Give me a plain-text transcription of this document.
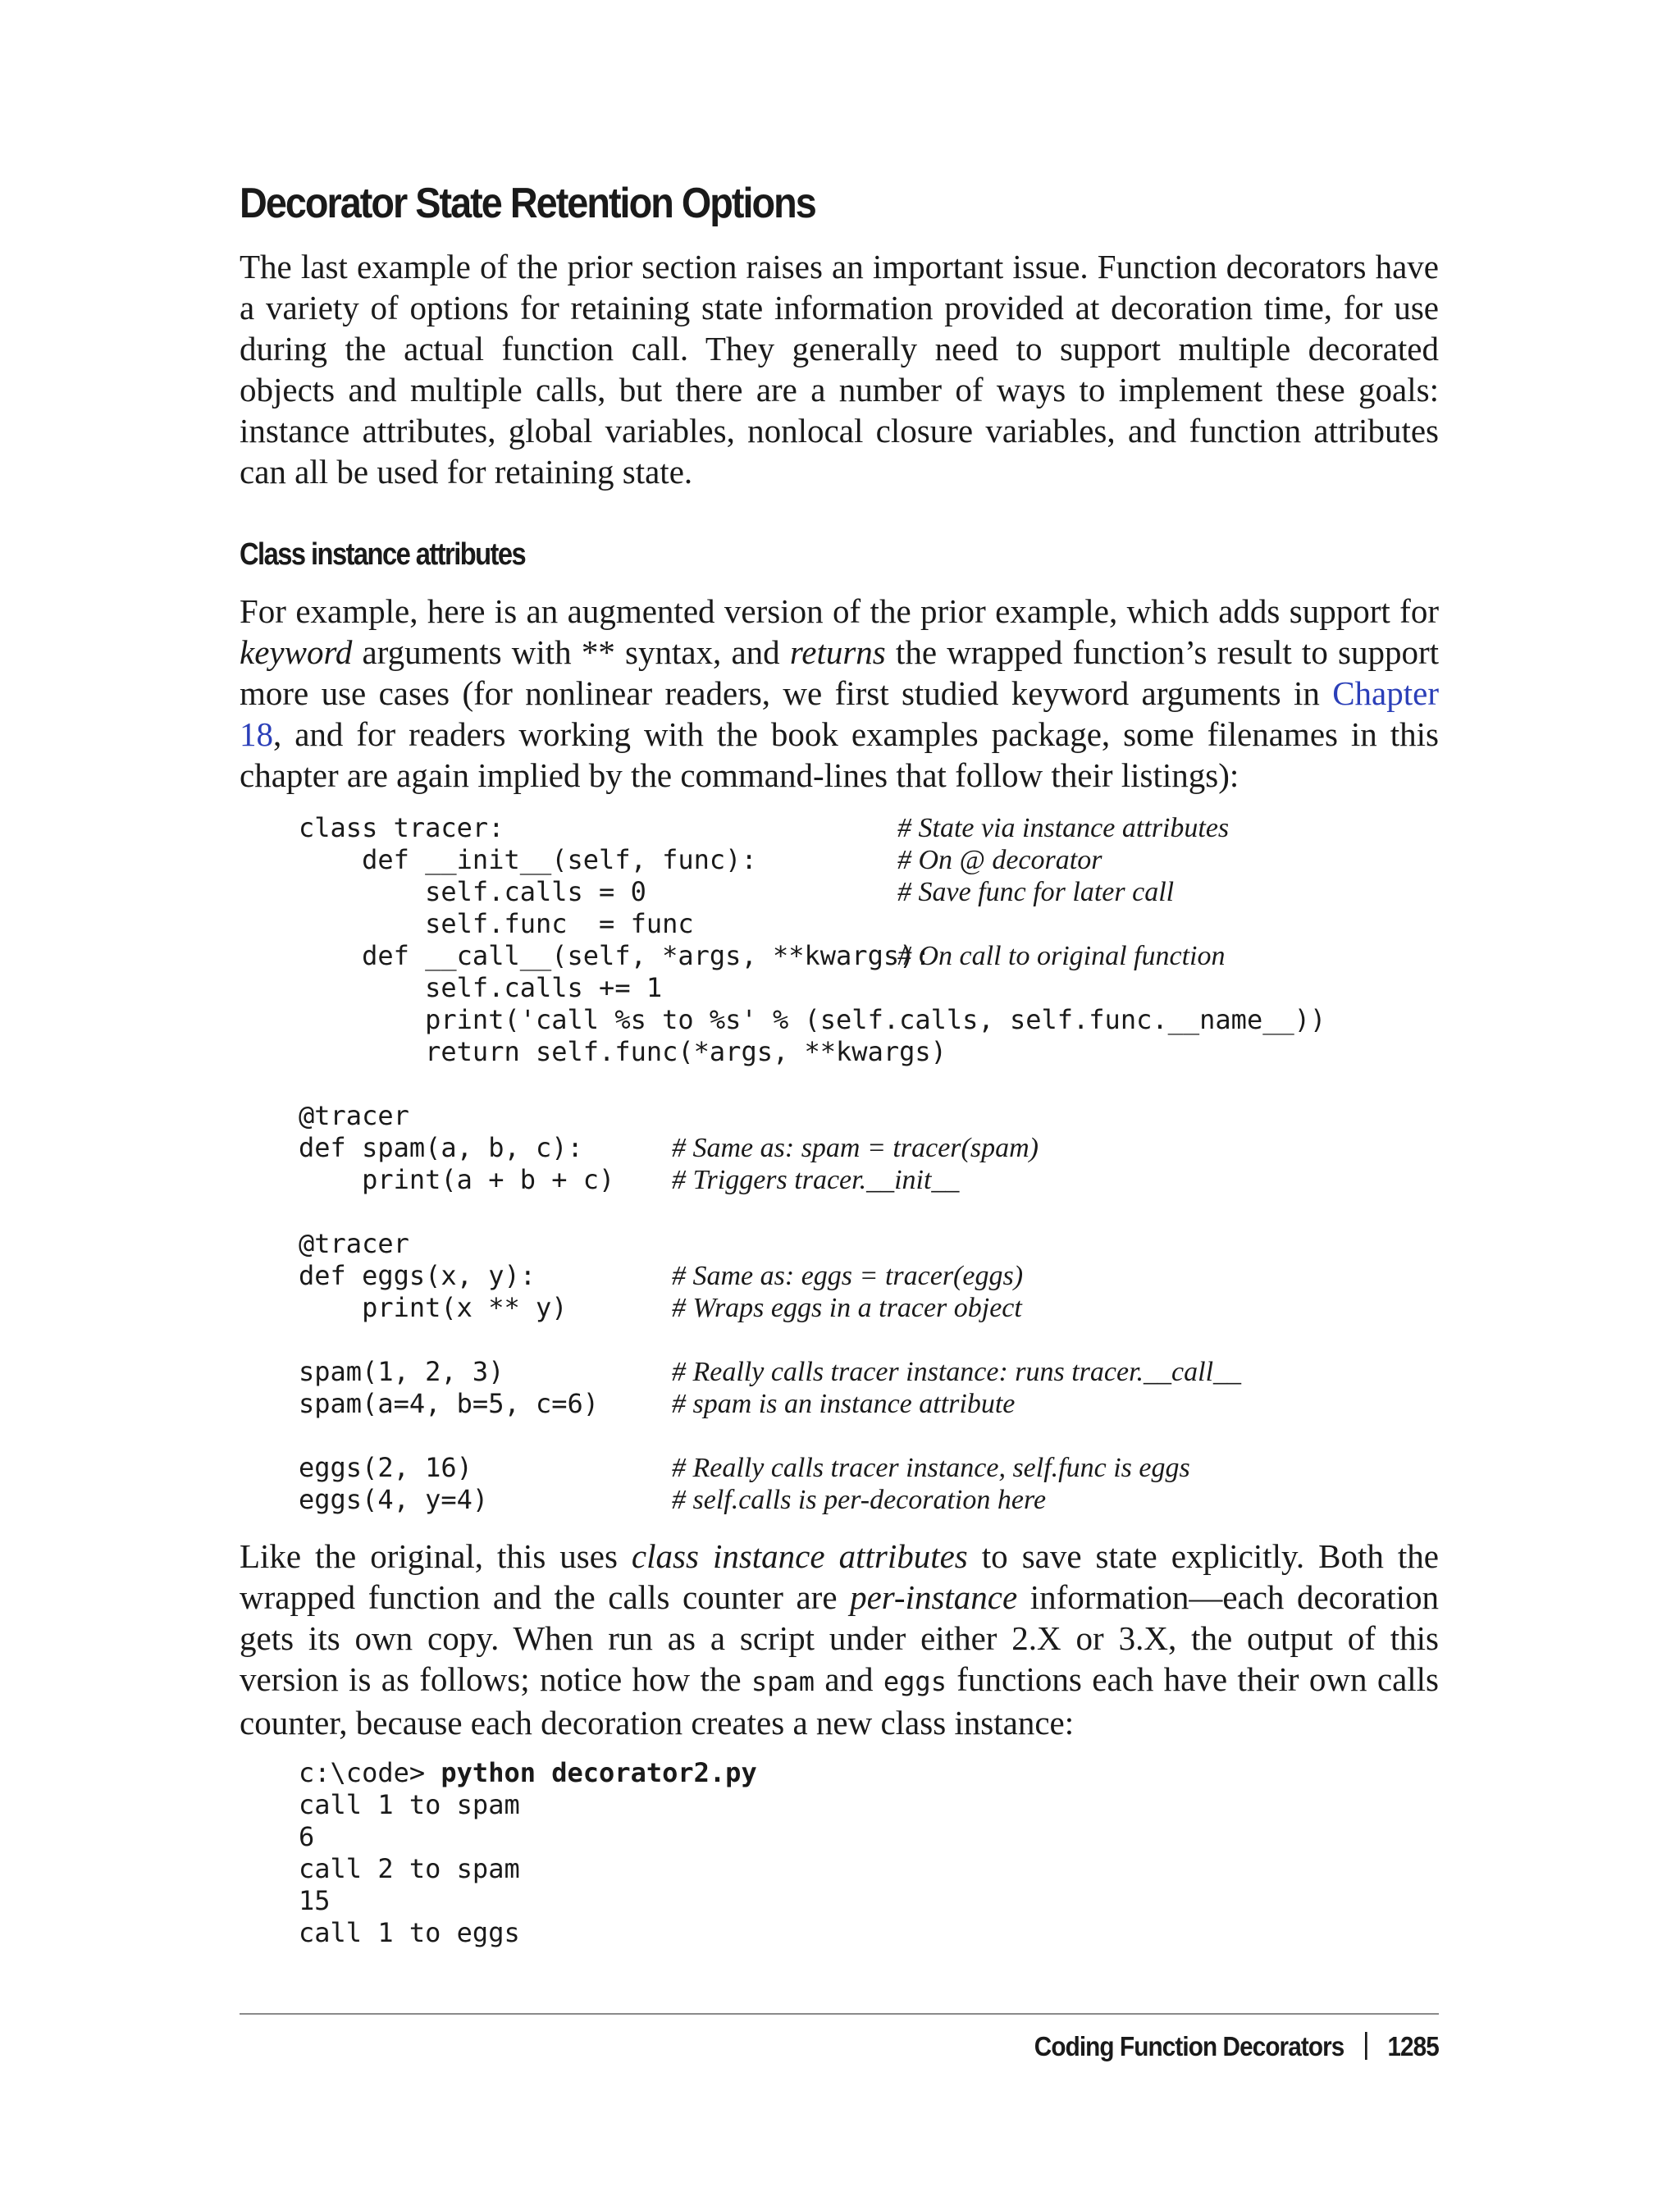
Decorator State Retention Options

The last example of the prior section raises an important issue. Function decorators have a variety of options for retaining state information provided at decoration time, for use during the actual function call. They generally need to support multiple decorated objects and multiple calls, but there are a number of ways to implement these goals: instance attributes, global variables, nonlocal closure variables, and function attributes can all be used for retaining state.

Class instance attributes

For example, here is an augmented version of the prior example, which adds support for keyword arguments with ** syntax, and returns the wrapped function’s result to support more use cases (for nonlinear readers, we first studied keyword arguments in Chapter 18, and for readers working with the book examples package, some filenames in this chapter are again implied by the command-lines that follow their listings):

class tracer:	# State via instance attributes
def __init__(self, func):	# On @ decorator
self.calls = 0	# Save func for later call
self.func  = func
def __call__(self, *args, **kwargs):
# On call to original function
self.calls += 1
print('call %s to %s' % (self.calls, self.func.__name__))
return self.func(*args, **kwargs)
@tracer
def spam(a, b, c):	# Same as: spam = tracer(spam)
print(a + b + c) # Triggers tracer.__init__
@tracer
def eggs(x, y):	# Same as: eggs = tracer(eggs)
print(x ** y)	# Wraps eggs in a tracer object
spam(1, 2, 3)	# Really calls tracer instance: runs tracer.__call__
spam(a=4, b=5, c=6)	# spam is an instance attribute
eggs(2, 16)	# Really calls tracer instance, self.func is eggs
eggs(4, y=4)	# self.calls is per-decoration here

Like the original, this uses class instance attributes to save state explicitly. Both the wrapped function and the calls counter are per-instance information—each decoration gets its own copy. When run as a script under either 2.X or 3.X, the output of this version is as follows; notice how the spam and eggs functions each have their own calls counter, because each decoration creates a new class instance:

c:\code> python decorator2.py
call 1 to spam
6
call 2 to spam
15
call 1 to eggs
Coding Function Decorators 1285
